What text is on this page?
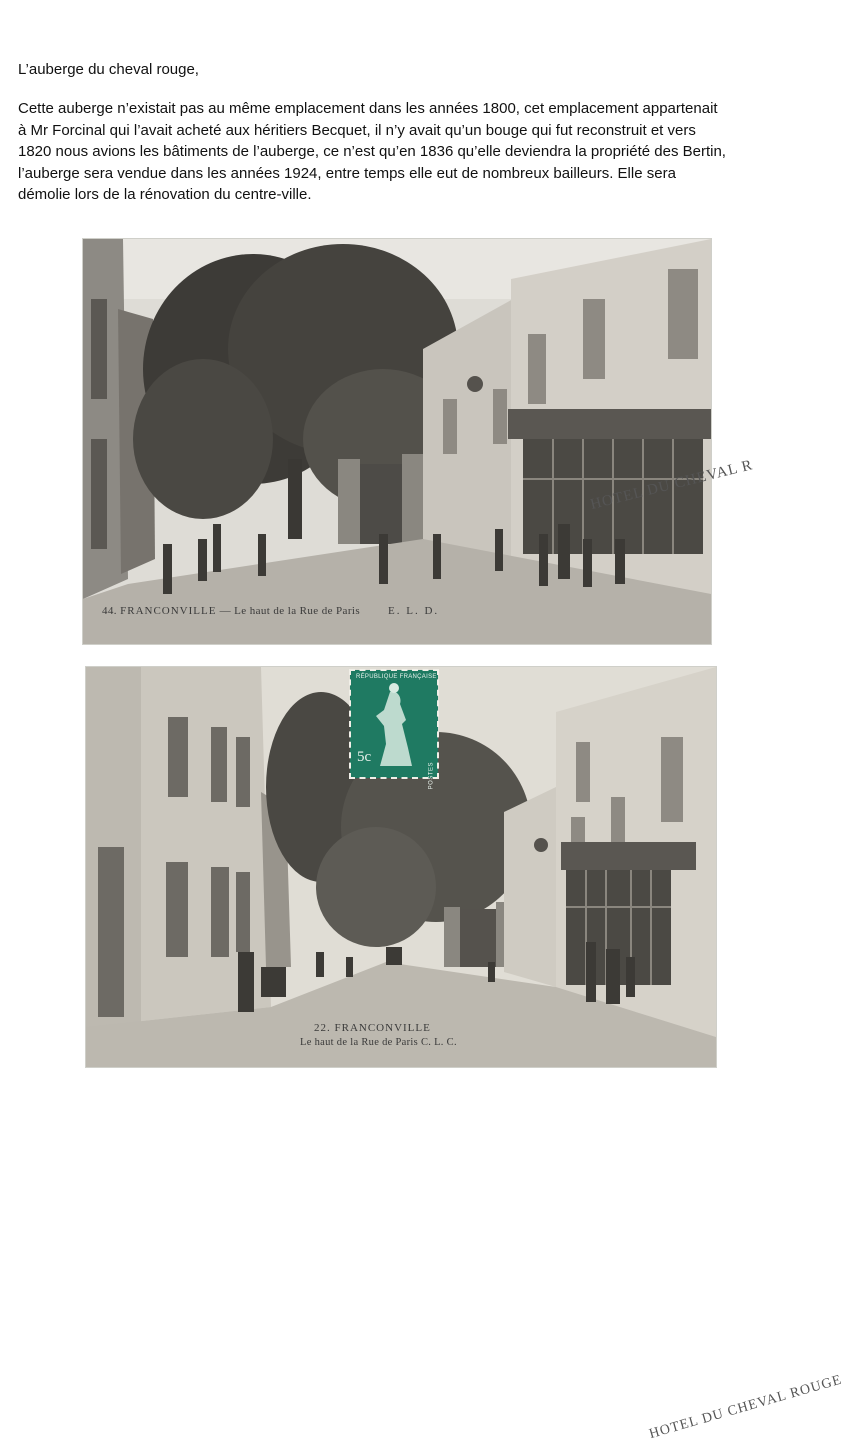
L’auberge du cheval rouge,
Cette auberge n’existait pas au même emplacement dans les années 1800, cet emplacement appartenait
à Mr Forcinal qui l’avait acheté aux héritiers Becquet, il n’y avait qu’un bouge qui fut reconstruit et vers
1820 nous avions les bâtiments de l’auberge, ce n’est qu’en 1836 qu’elle deviendra la propriété des Bertin,
l’auberge sera vendue dans les années 1924, entre temps elle eut de nombreux bailleurs. Elle sera
démolie lors de la rénovation du centre-ville.
HOTEL DU CHEVAL R
44. FRANCONVILLE — Le haut de la Rue de Paris	E. L. D.
HOTEL DU CHEVAL ROUGE
RÉPUBLIQUE FRANÇAISE
5c
POSTES
22. FRANCONVILLE
Le haut de la Rue de Paris C. L. C.
